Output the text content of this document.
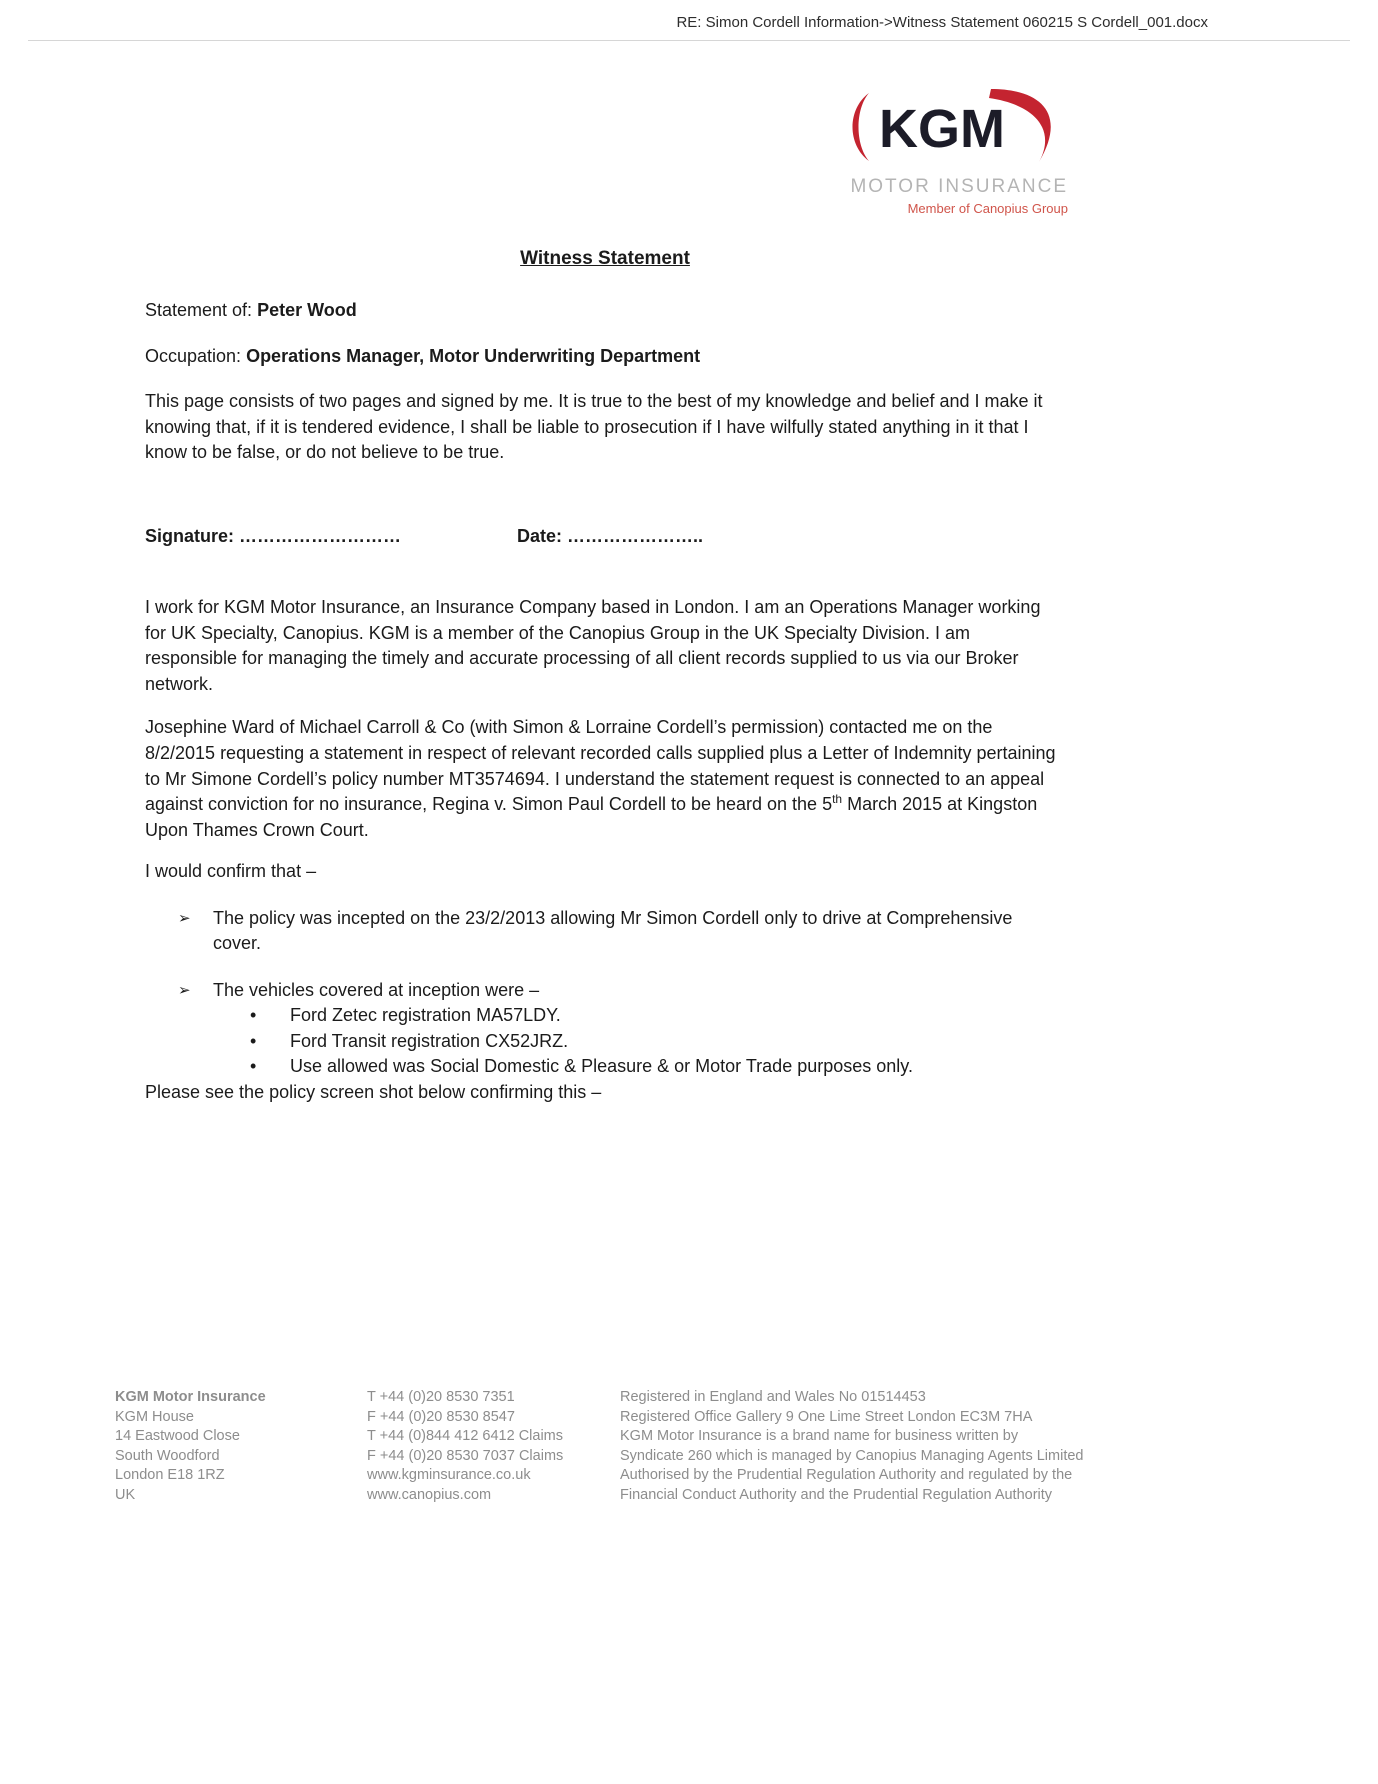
RE: Simon Cordell Information->Witness Statement 060215 S Cordell_001.docx
KGM
MOTOR INSURANCE
Member of Canopius Group
Witness Statement
Statement of: Peter Wood
Occupation: Operations Manager, Motor Underwriting Department
This page consists of two pages and signed by me. It is true to the best of my knowledge and belief and I make it knowing that, if it is tendered evidence, I shall be liable to prosecution if I have wilfully stated anything in it that I know to be false, or do not believe to be true.
Signature: ………………………	Date: …………………..
I work for KGM Motor Insurance, an Insurance Company based in London. I am an Operations Manager working for UK Specialty, Canopius. KGM is a member of the Canopius Group in the UK Specialty Division. I am responsible for managing the timely and accurate processing of all client records supplied to us via our Broker network.
Josephine Ward of Michael Carroll & Co (with Simon & Lorraine Cordell’s permission) contacted me on the 8/2/2015 requesting a statement in respect of relevant recorded calls supplied plus a Letter of Indemnity pertaining to Mr Simone Cordell’s policy number MT3574694. I understand the statement request is connected to an appeal against conviction for no insurance, Regina v. Simon Paul Cordell to be heard on the 5th March 2015 at Kingston Upon Thames Crown Court.
I would confirm that –
➢	The policy was incepted on the 23/2/2013 allowing Mr Simon Cordell only to drive at Comprehensive cover.
➢	The vehicles covered at inception were –
•	Ford Zetec registration MA57LDY.
•	Ford Transit registration CX52JRZ.
•	Use allowed was Social Domestic & Pleasure & or Motor Trade purposes only.
Please see the policy screen shot below confirming this –
KGM Motor Insurance
KGM House
14 Eastwood Close
South Woodford
London E18 1RZ
UK
T +44 (0)20 8530 7351
F +44 (0)20 8530 8547
T +44 (0)844 412 6412 Claims
F +44 (0)20 8530 7037 Claims
www.kgminsurance.co.uk
www.canopius.com
Registered in England and Wales No 01514453
Registered Office Gallery 9 One Lime Street London EC3M 7HA
KGM Motor Insurance is a brand name for business written by
Syndicate 260 which is managed by Canopius Managing Agents Limited
Authorised by the Prudential Regulation Authority and regulated by the
Financial Conduct Authority and the Prudential Regulation Authority
